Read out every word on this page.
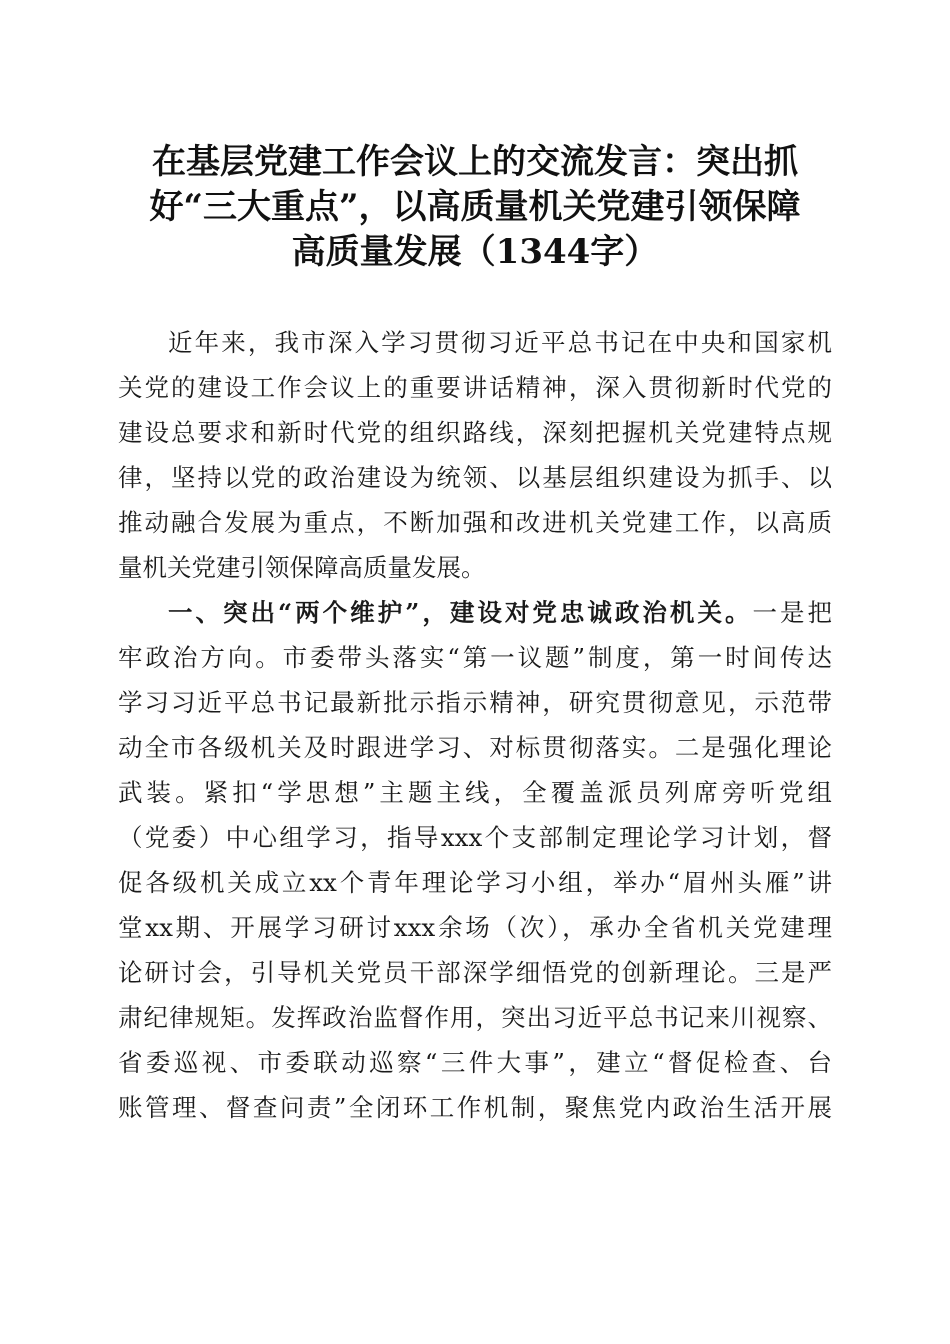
在基层党建工作会议上的交流发言：突出抓
好“三大重点”，以高质量机关党建引领保障
高质量发展（1344字）
近年来，我市深入学习贯彻习近平总书记在中央和国家机
关党的建设工作会议上的重要讲话精神，深入贯彻新时代党的
建设总要求和新时代党的组织路线，深刻把握机关党建特点规
律，坚持以党的政治建设为统领、以基层组织建设为抓手、以
推动融合发展为重点，不断加强和改进机关党建工作，以高质
量机关党建引领保障高质量发展。
一、突出“两个维护”，建设对党忠诚政治机关。一是把
牢政治方向。市委带头落实“第一议题”制度，第一时间传达
学习习近平总书记最新批示指示精神，研究贯彻意见，示范带
动全市各级机关及时跟进学习、对标贯彻落实。二是强化理论
武装。紧扣“学思想”主题主线，全覆盖派员列席旁听党组
（党委）中心组学习，指导xxx个支部制定理论学习计划，督
促各级机关成立xx个青年理论学习小组，举办“眉州头雁”讲
堂xx期、开展学习研讨xxx余场（次），承办全省机关党建理
论研讨会，引导机关党员干部深学细悟党的创新理论。三是严
肃纪律规矩。发挥政治监督作用，突出习近平总书记来川视察、
省委巡视、市委联动巡察“三件大事”，建立“督促检查、台
账管理、督查问责”全闭环工作机制，聚焦党内政治生活开展
